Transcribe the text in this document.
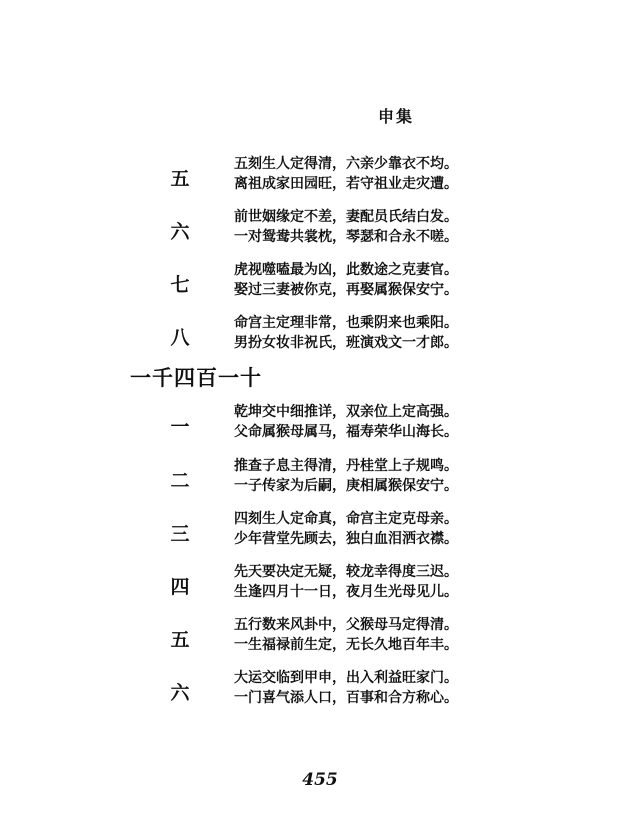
申集
五
五刻生人定得清，六亲少靠衣不均。
离祖成家田园旺，若守祖业走灾遭。
六
前世姻缘定不差，妻配员氏结白发。
一对鸳鸯共裳枕，琴瑟和合永不嗟。
七
虎视噬嗑最为凶，此数途之克妻官。
娶过三妻被你克，再娶属猴保安宁。
八
命宫主定理非常，也乘阴来也乘阳。
男扮女妆非祝氏，班演戏文一才郎。
一千四百一十
一
乾坤交中细推详，双亲位上定高强。
父命属猴母属马，福寿荣华山海长。
二
推查子息主得清，丹桂堂上子规鸣。
一子传家为后嗣，庚相属猴保安宁。
三
四刻生人定命真，命宫主定克母亲。
少年营堂先顾去，独白血泪洒衣襟。
四
先天要决定无疑，较龙幸得度三迟。
生逢四月十一日，夜月生光母见儿。
五
五行数来风卦中，父猴母马定得清。
一生福禄前生定，无长久地百年丰。
六
大运交临到甲申，出入利益旺家门。
一门喜气添人口，百事和合方称心。
455
